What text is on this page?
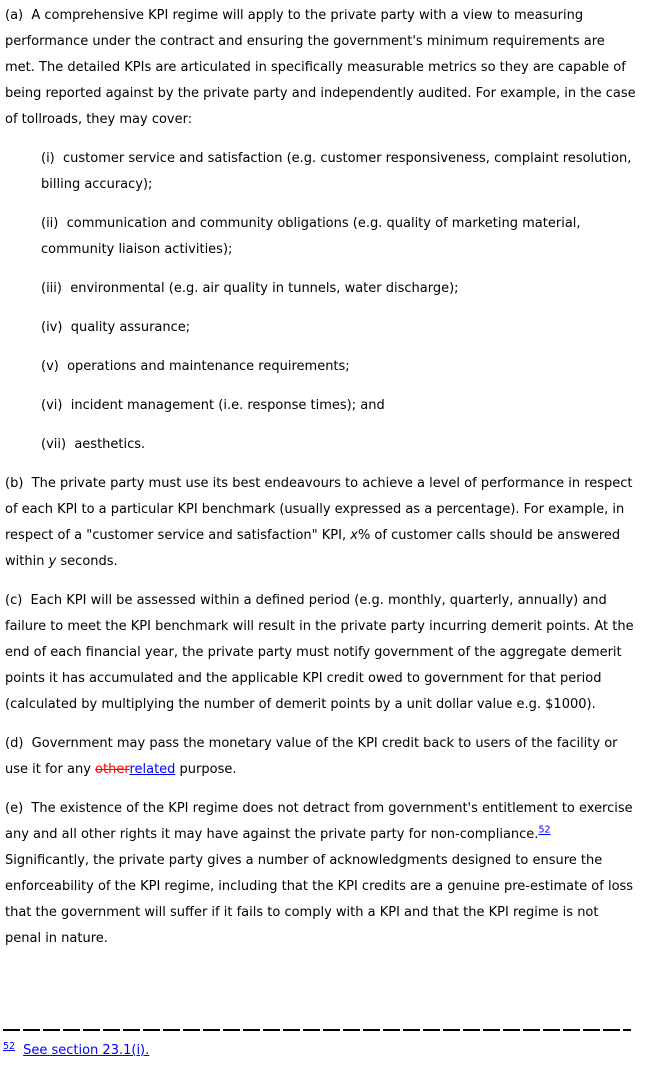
(a)  A comprehensive KPI regime will apply to the private party with a view to measuring performance under the contract and ensuring the government's minimum requirements are met. The detailed KPIs are articulated in specifically measurable metrics so they are capable of being reported against by the private party and independently audited. For example, in the case of tollroads, they may cover:

(i)  customer service and satisfaction (e.g. customer responsiveness, complaint resolution, billing accuracy);

(ii)  communication and community obligations (e.g. quality of marketing material, community liaison activities);

(iii)  environmental (e.g. air quality in tunnels, water discharge);

(iv)  quality assurance;

(v)  operations and maintenance requirements;

(vi)  incident management (i.e. response times); and

(vii)  aesthetics.

(b)  The private party must use its best endeavours to achieve a level of performance in respect of each KPI to a particular KPI benchmark (usually expressed as a percentage). For example, in respect of a "customer service and satisfaction" KPI, x% of customer calls should be answered within y seconds.

(c)  Each KPI will be assessed within a defined period (e.g. monthly, quarterly, annually) and failure to meet the KPI benchmark will result in the private party incurring demerit points. At the end of each financial year, the private party must notify government of the aggregate demerit points it has accumulated and the applicable KPI credit owed to government for that period (calculated by multiplying the number of demerit points by a unit dollar value e.g. $1000).

(d)  Government may pass the monetary value of the KPI credit back to users of the facility or use it for any otherrelated purpose.

(e)  The existence of the KPI regime does not detract from government's entitlement to exercise any and all other rights it may have against the private party for non-compliance.$^{52}$ Significantly, the private party gives a number of acknowledgments designed to ensure the enforceability of the KPI regime, including that the KPI credits are a genuine pre-estimate of loss that the government will suffer if it fails to comply with a KPI and that the KPI regime is not penal in nature.

$^{52}$ See section 23.1(i).
